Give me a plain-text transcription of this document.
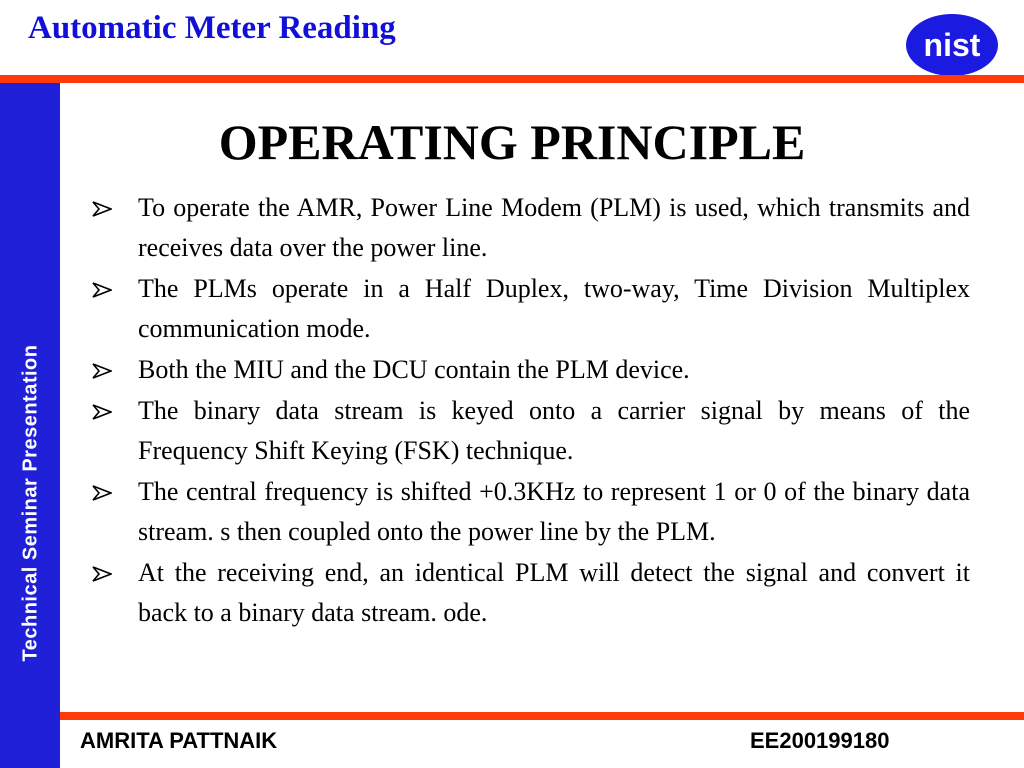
Automatic Meter Reading	nist
Technical Seminar Presentation
OPERATING PRINCIPLE
To operate the AMR, Power Line Modem (PLM) is used, which transmits and receives data over the power line.
The PLMs operate in a Half Duplex, two-way, Time Division Multiplex communication mode.
Both the MIU and the DCU contain the PLM device.
The binary data stream is keyed onto a carrier signal by means of the Frequency Shift Keying (FSK) technique.
The central frequency is shifted +0.3KHz to represent 1 or 0 of the binary data stream. s then coupled onto the power line by the PLM.
At the receiving end, an identical PLM will detect the signal and convert it back to a binary data stream. ode.
AMRITA PATTNAIK	EE200199180
